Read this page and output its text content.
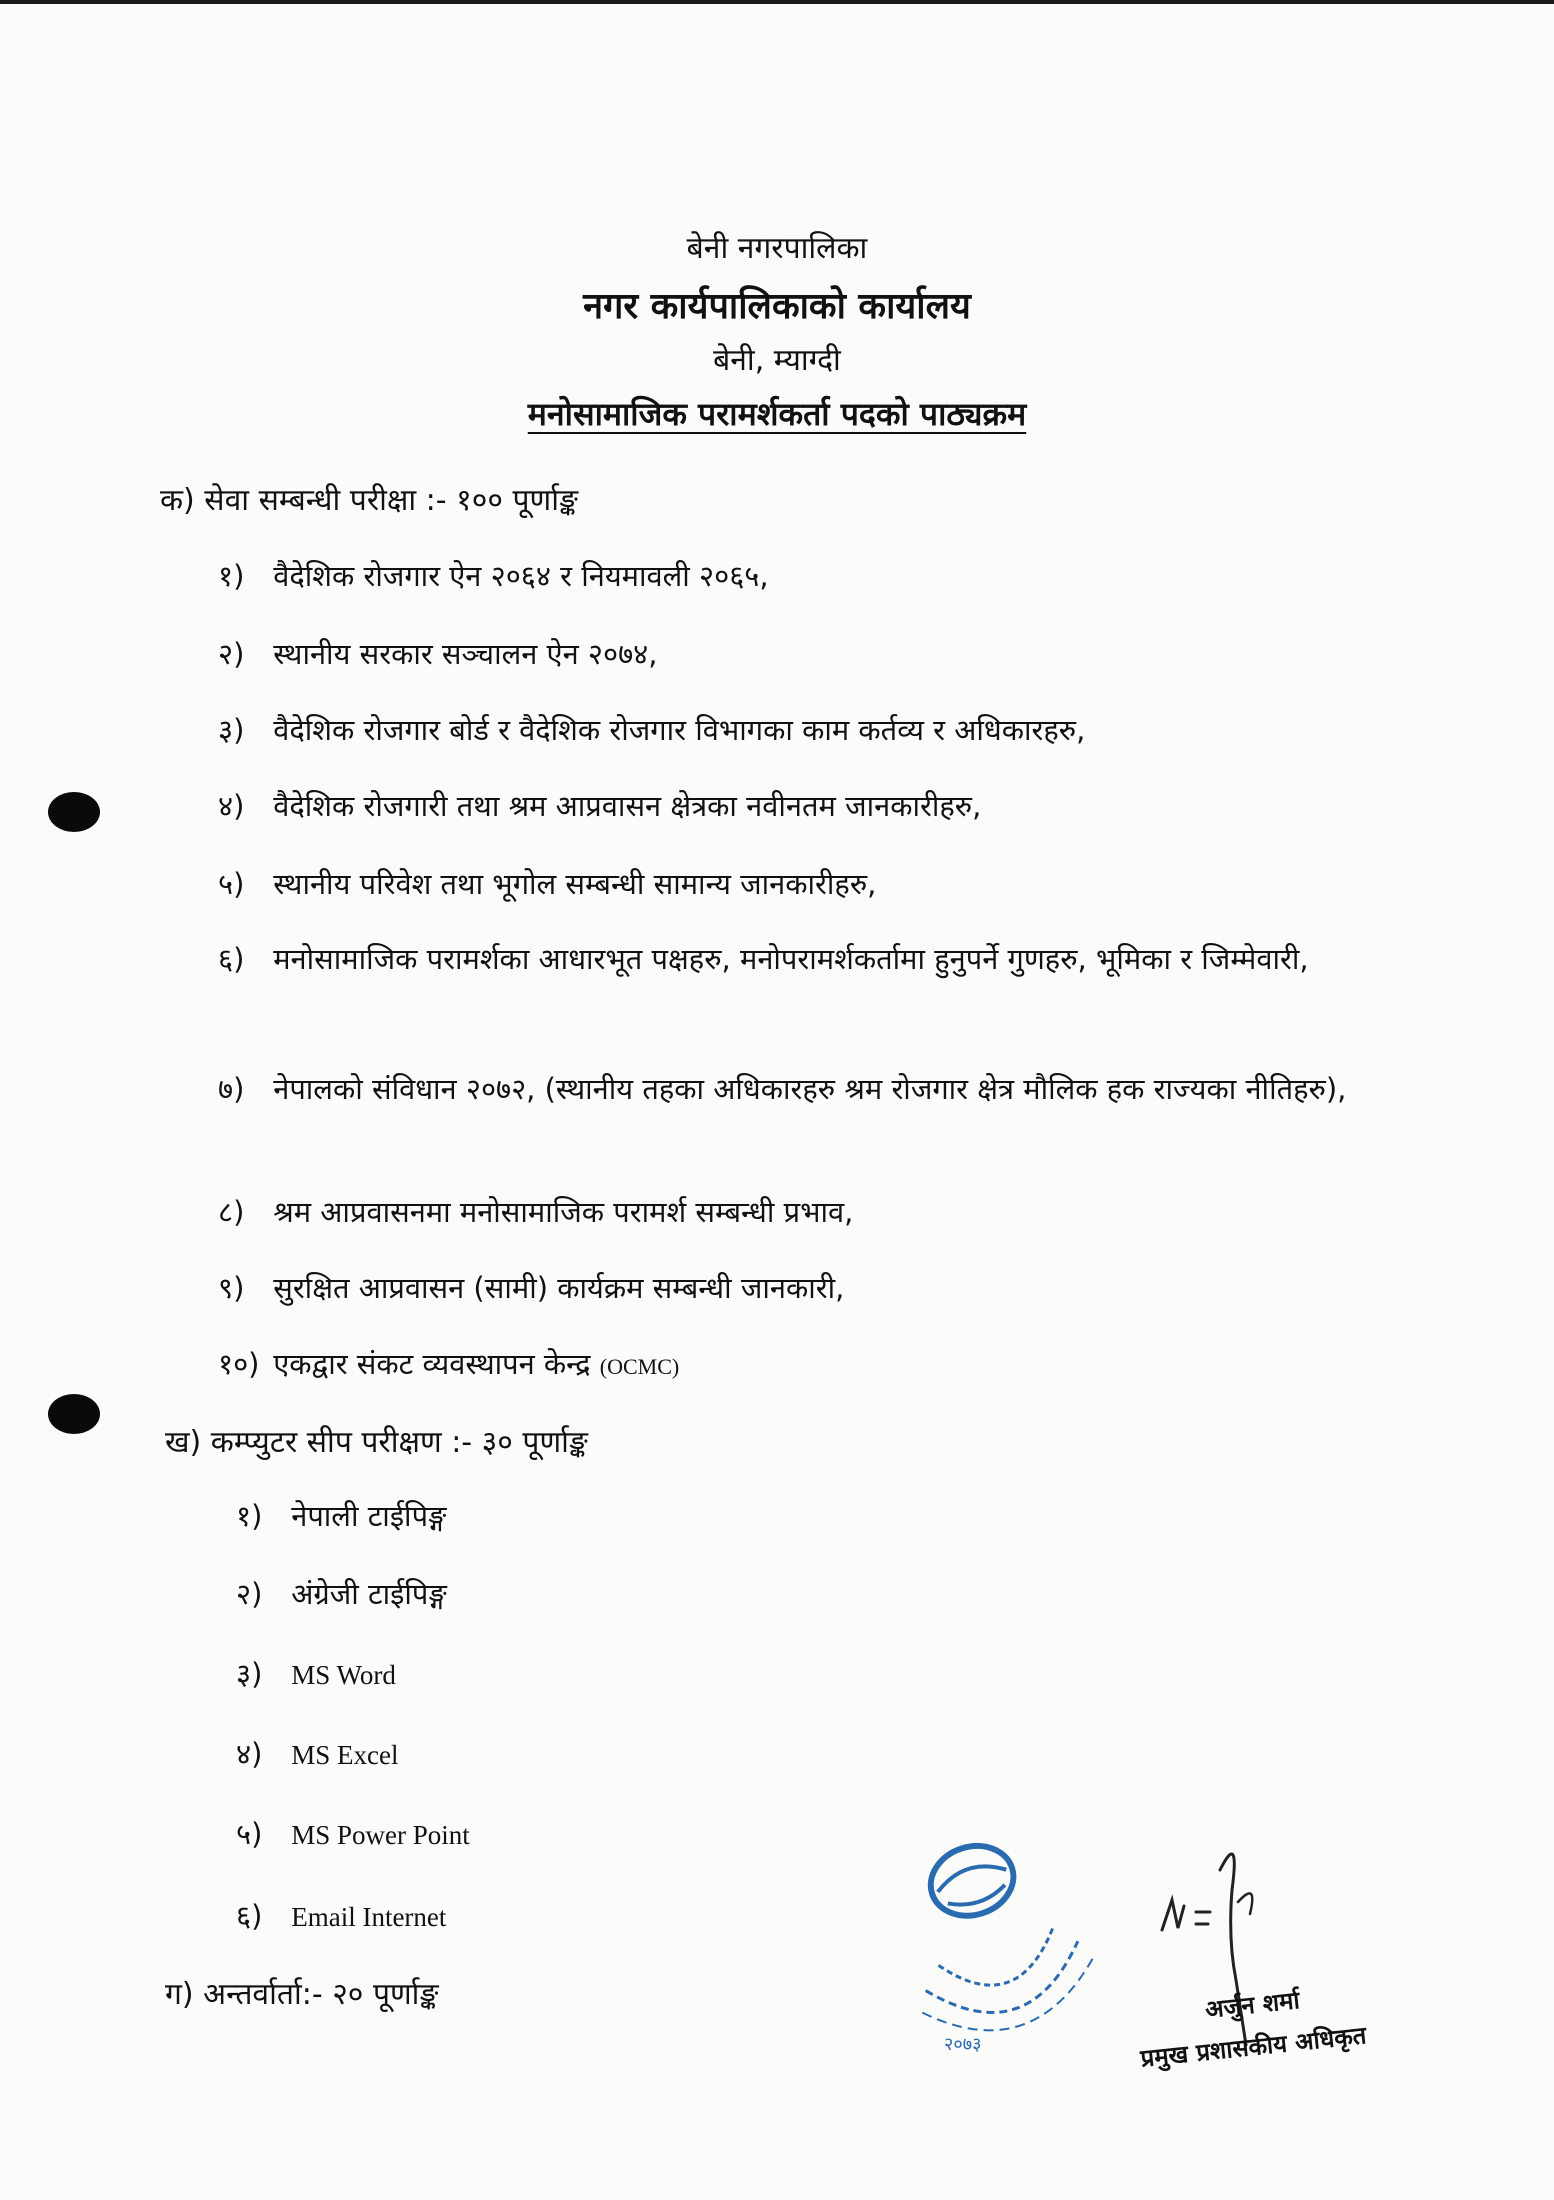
बेनी नगरपालिका
नगर कार्यपालिकाको कार्यालय
बेनी, म्याग्दी
मनोसामाजिक परामर्शकर्ता पदको पाठ्यक्रम
क) सेवा सम्बन्धी परीक्षा :- १०० पूर्णाङ्क
१) वैदेशिक रोजगार ऐन २०६४ र नियमावली २०६५,
२) स्थानीय सरकार सञ्चालन ऐन २०७४,
३) वैदेशिक रोजगार बोर्ड र वैदेशिक रोजगार विभागका काम कर्तव्य र अधिकारहरु,
४) वैदेशिक रोजगारी तथा श्रम आप्रवासन क्षेत्रका नवीनतम जानकारीहरु,
५) स्थानीय परिवेश तथा भूगोल सम्बन्धी सामान्य जानकारीहरु,
६) मनोसामाजिक परामर्शका आधारभूत पक्षहरु, मनोपरामर्शकर्तामा हुनुपर्ने गुणहरु, भूमिका र जिम्मेवारी,
७) नेपालको संविधान २०७२, (स्थानीय तहका अधिकारहरु श्रम रोजगार क्षेत्र मौलिक हक राज्यका नीतिहरु),
८) श्रम आप्रवासनमा मनोसामाजिक परामर्श सम्बन्धी प्रभाव,
९) सुरक्षित आप्रवासन (सामी) कार्यक्रम सम्बन्धी जानकारी,
१०) एकद्वार संकट व्यवस्थापन केन्द्र (OCMC)
ख) कम्प्युटर सीप परीक्षण :- ३० पूर्णाङ्क
१) नेपाली टाईपिङ्ग
२) अंग्रेजी टाईपिङ्ग
३) MS Word
४) MS Excel
५) MS Power Point
६) Email Internet
ग) अन्तर्वार्ता:- २० पूर्णाङ्क
२०७३
अर्जुन शर्मा
प्रमुख प्रशासकीय अधिकृत
